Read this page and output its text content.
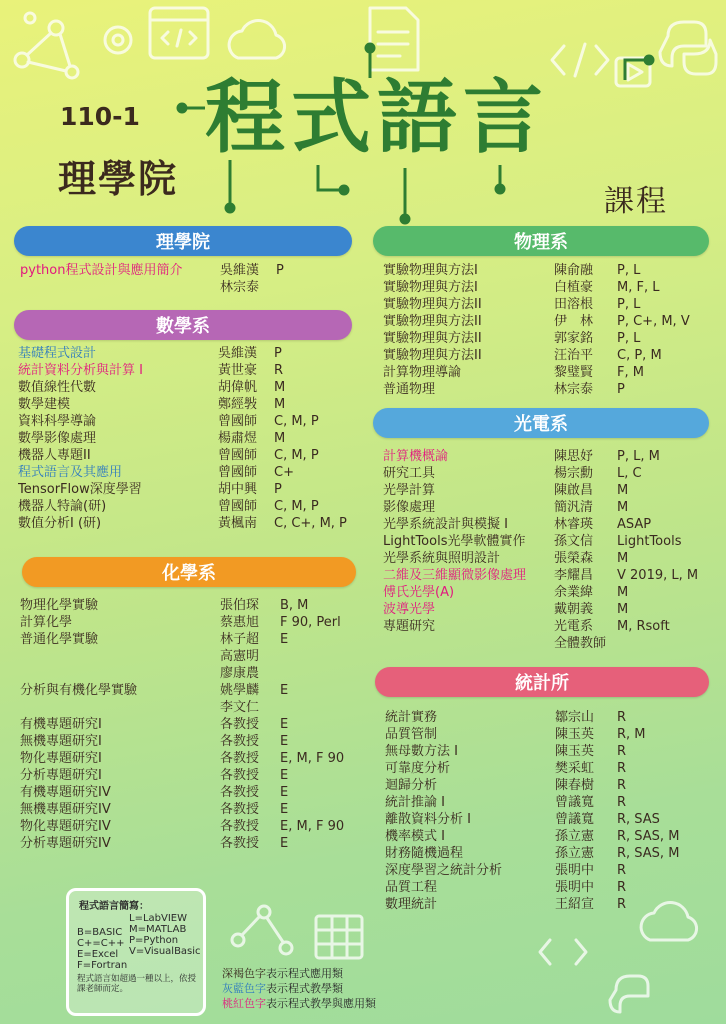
110-1
理學院
程式語言
課程
理學院
python程式設計與應用簡介	吳維漢	P
林宗泰
數學系
基礎程式設計	吳維漢	P
統計資料分析與計算 I	黃世豪	R
數值線性代數	胡偉帆	M
數學建模	鄭經斅	M
資料科學導論	曾國師	C, M, P
數學影像處理	楊肅煜	M
機器人專題II	曾國師	C, M, P
程式語言及其應用	曾國師	C+
TensorFlow深度學習	胡中興	P
機器人特論(研)	曾國師	C, M, P
數值分析I (研)	黃楓南	C, C+, M, P
化學系
物理化學實驗	張伯琛	B, M
計算化學	蔡惠旭	F 90, Perl
普通化學實驗	林子超	E
高憲明
廖康農
分析與有機化學實驗	姚學麟	E
李文仁
有機專題研究I	各教授	E
無機專題研究I	各教授	E
物化專題研究I	各教授	E, M, F 90
分析專題研究I	各教授	E
有機專題研究IV	各教授	E
無機專題研究IV	各教授	E
物化專題研究IV	各教授	E, M, F 90
分析專題研究IV	各教授	E
物理系
實驗物理與方法I	陳俞融	P, L
實驗物理與方法I	白植豪	M, F, L
實驗物理與方法II	田溶根	P, L
實驗物理與方法II	伊　林	P, C+, M, V
實驗物理與方法II	郭家銘	P, L
實驗物理與方法II	汪治平	C, P, M
計算物理導論	黎璧賢	F, M
普通物理	林宗泰	P
光電系
計算機概論	陳思妤	P, L, M
研究工具	楊宗勳	L, C
光學計算	陳啟昌	M
影像處理	簡汎清	M
光學系統設計與模擬 I	林睿瑛	ASAP
LightTools光學軟體實作	孫文信	LightTools
光學系統與照明設計	張榮森	M
二維及三維顯微影像處理	李耀昌	V 2019, L, M
傅氏光學(A)	余業緯	M
波導光學	戴朝義	M
專題研究	光電系	M, Rsoft
全體教師
統計所
統計實務	鄒宗山	R
品質管制	陳玉英	R, M
無母數方法 I	陳玉英	R
可靠度分析	樊采虹	R
迴歸分析	陳春樹	R
統計推論 I	曾議寬	R
離散資料分析 I	曾議寬	R, SAS
機率模式 I	孫立憲	R, SAS, M
財務隨機過程	孫立憲	R, SAS, M
深度學習之統計分析	張明中	R
品質工程	張明中	R
數理統計	王紹宣	R
程式語言簡寫：
B=BASIC
C+=C++
E=Excel
F=Fortran
L=LabVIEW
M=MATLAB
P=Python
V=VisualBasic
程式語言如超過一種以上，依授課老師而定。
深褐色字表示程式應用類
灰藍色字表示程式教學類
桃紅色字表示程式教學與應用類
